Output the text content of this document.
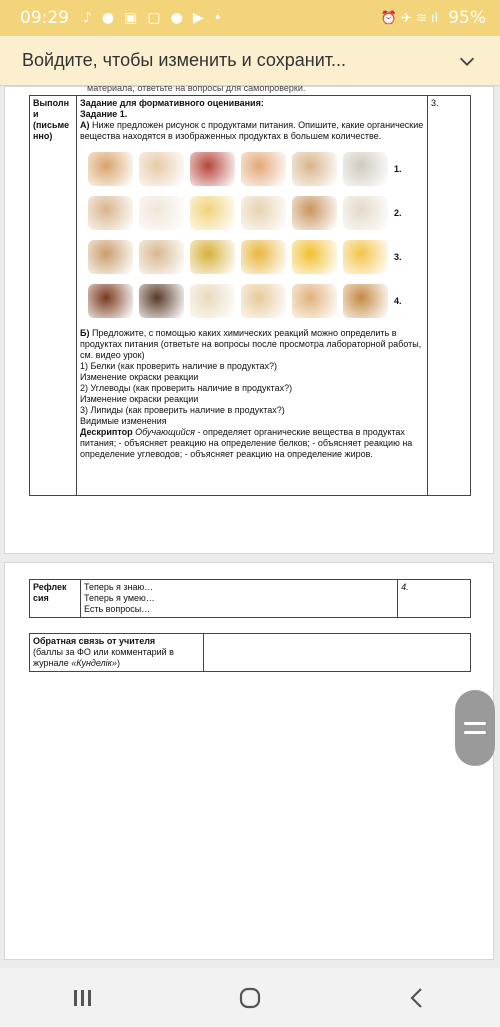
09:29 ♪●▣▢●▶•	⏰ ✈ ≋ ıl 95%
Войдите, чтобы изменить и сохранит...
материала, ответьте на вопросы для самопроверки.
Выполн и (письме нно)	
Задание для формативного оценивания:
Задание 1.
А) Ниже предложен рисунок с продуктами питания. Опишите, какие органические вещества находятся в изображенных продуктах в большем количестве.
1.
2.
3.
4.
Б) Предложите, с помощью каких химических реакций можно определить в продуктах питания (ответьте на вопросы после просмотра лабораторной работы, см. видео урок)
1) Белки (как проверить наличие в продуктах?)
Изменение окраски реакции
2) Углеводы (как проверить наличие в продуктах?)
Изменение окраски реакции
3) Липиды (как проверить наличие в продуктах?)
Видимые изменения
Дескриптор Обучающийся - определяет органические вещества в продуктах питания; - объясняет реакцию на определение белков; - объясняет реакцию на определение углеводов; - объясняет реакцию на определение жиров.
	3.
Рефлек сия	
Теперь я знаю…
Теперь я умею…
Есть вопросы…
	4.
Обратная связь от учителя
(баллы за ФО или комментарий в журнале «Кунделік»)
